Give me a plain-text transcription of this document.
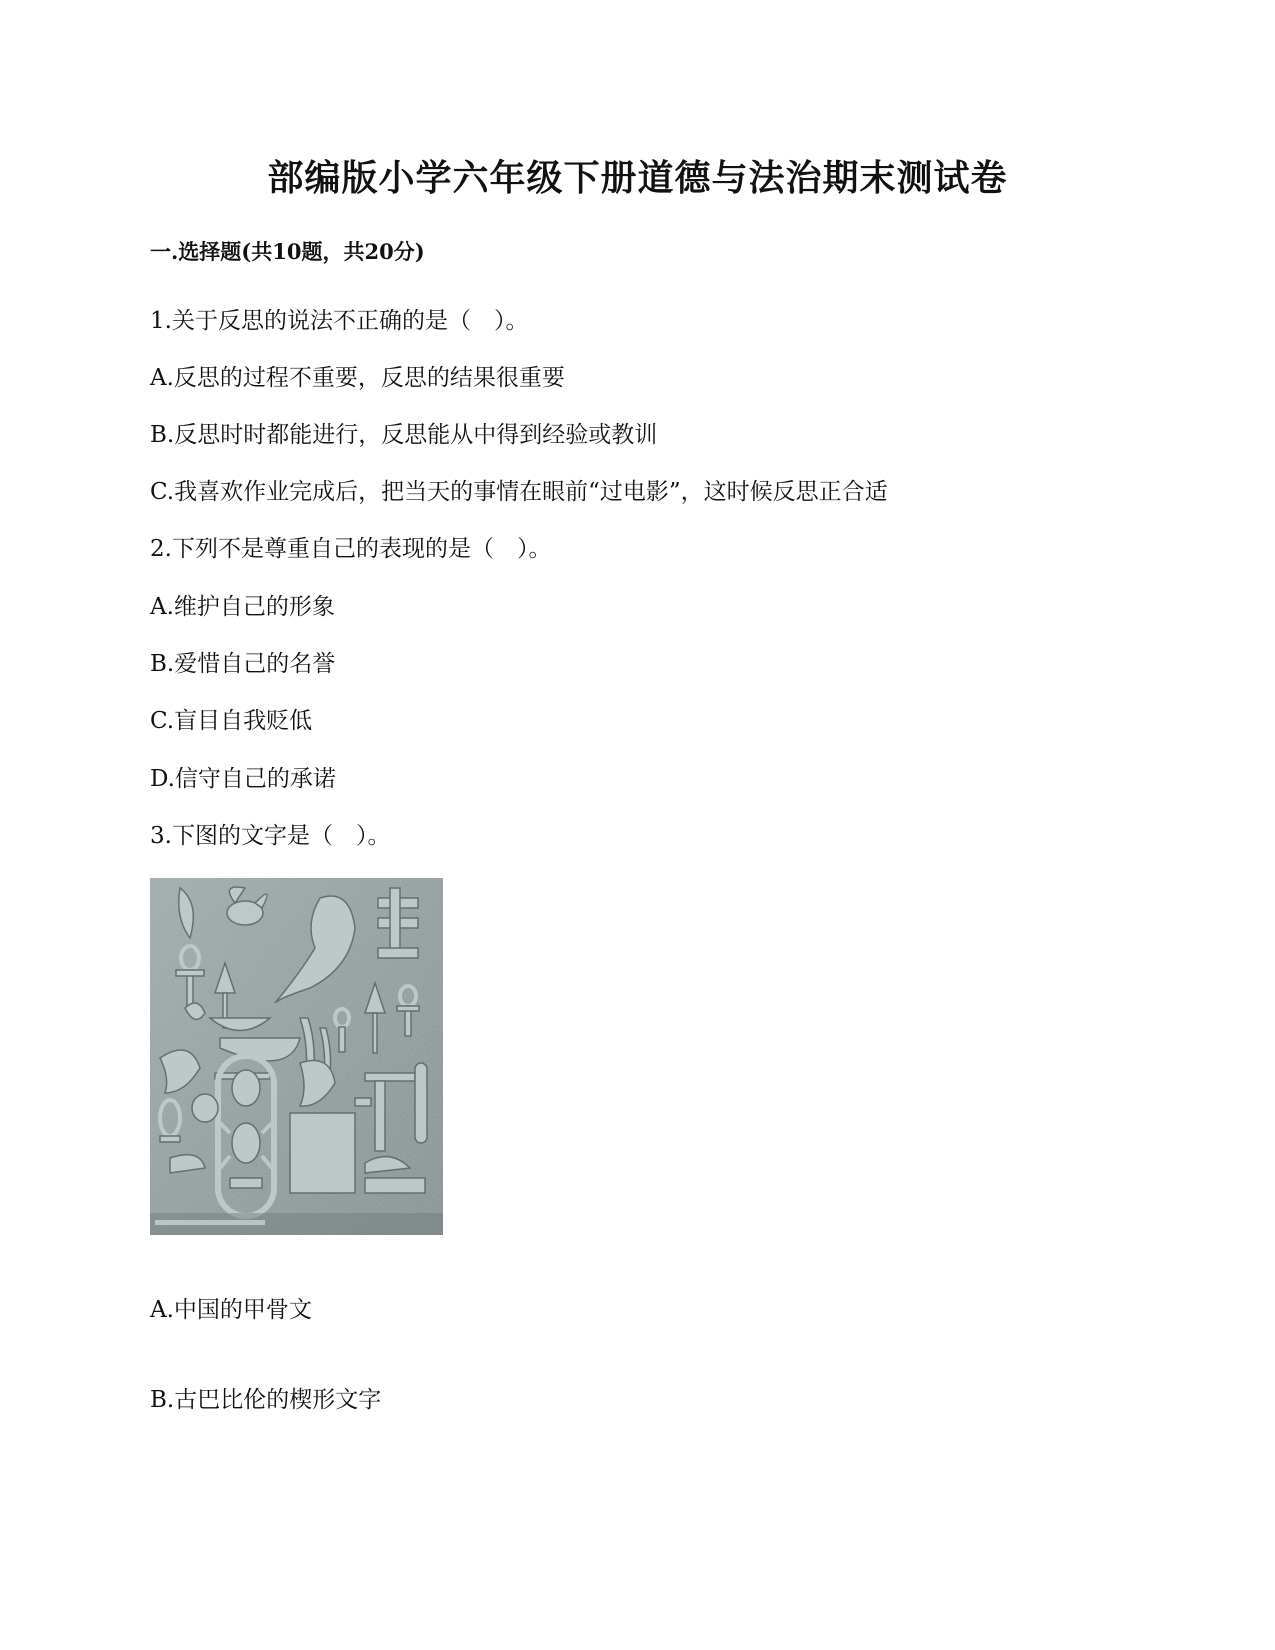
部编版小学六年级下册道德与法治期末测试卷
一.选择题(共10题，共20分)

1.关于反思的说法不正确的是（　）。

A.反思的过程不重要，反思的结果很重要

B.反思时时都能进行，反思能从中得到经验或教训

C.我喜欢作业完成后，把当天的事情在眼前“过电影”，这时候反思正合适

2.下列不是尊重自己的表现的是（　）。

A.维护自己的形象

B.爱惜自己的名誉

C.盲目自我贬低

D.信守自己的承诺

3.下图的文字是（　）。

A.中国的甲骨文

B.古巴比伦的楔形文字
